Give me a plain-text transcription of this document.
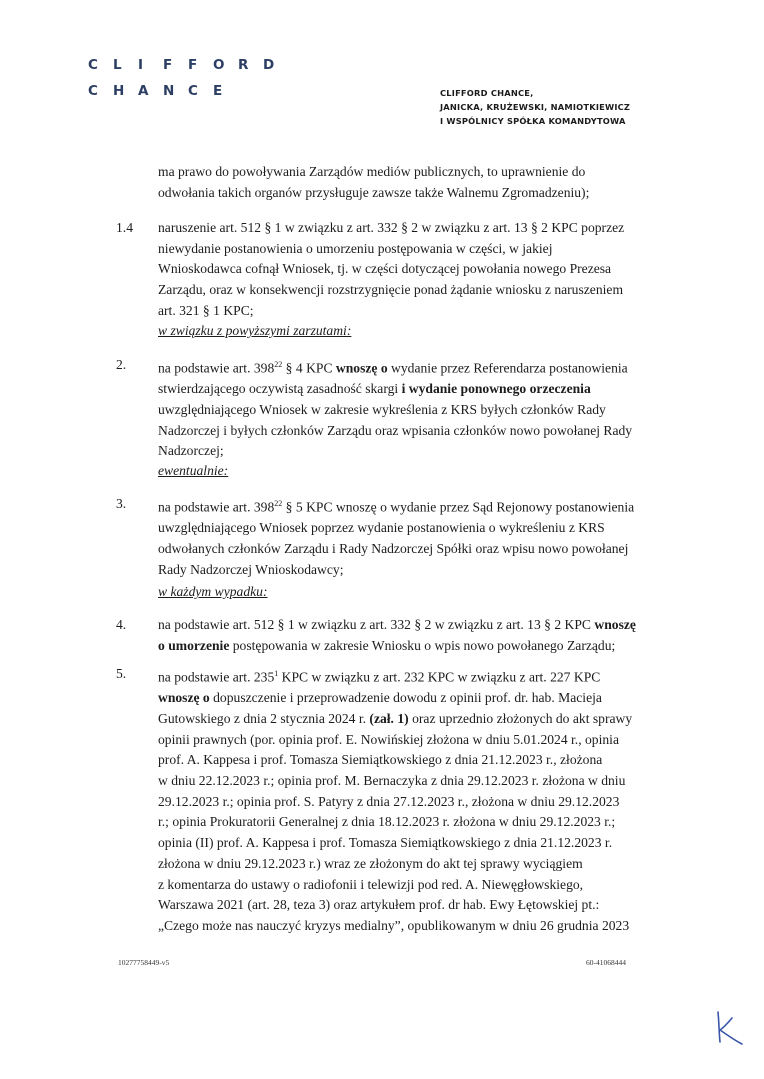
C L I F F O R D
C H A N C E	CLIFFORD CHANCE,
JANICKA, KRUŻEWSKI, NAMIOTKIEWICZ
I WSPÓLNICY SPÓŁKA KOMANDYTOWA
ma prawo do powoływania Zarządów mediów publicznych, to uprawnienie do
odwołania takich organów przysługuje zawsze także Walnemu Zgromadzeniu);
1.4 naruszenie art. 512 § 1 w związku z art. 332 § 2 w związku z art. 13 § 2 KPC poprzez
niewydanie postanowienia o umorzeniu postępowania w części, w jakiej
Wnioskodawca cofnął Wniosek, tj. w części dotyczącej powołania nowego Prezesa
Zarządu, oraz w konsekwencji rozstrzygnięcie ponad żądanie wniosku z naruszeniem
art. 321 § 1 KPC;
w związku z powyższymi zarzutami:
2. na podstawie art. $398^{22}$ § 4 KPC wnoszę o wydanie przez Referendarza postanowienia
stwierdzającego oczywistą zasadność skargi i wydanie ponownego orzeczenia
uwzględniającego Wniosek w zakresie wykreślenia z KRS byłych członków Rady
Nadzorczej i byłych członków Zarządu oraz wpisania członków nowo powołanej Rady
Nadzorczej;
ewentualnie:
3. na podstawie art. $398^{22}$ § 5 KPC wnoszę o wydanie przez Sąd Rejonowy postanowienia
uwzględniającego Wniosek poprzez wydanie postanowienia o wykreśleniu z KRS
odwołanych członków Zarządu i Rady Nadzorczej Spółki oraz wpisu nowo powołanej
Rady Nadzorczej Wnioskodawcy;
w każdym wypadku:
4. na podstawie art. 512 § 1 w związku z art. 332 § 2 w związku z art. 13 § 2 KPC wnoszę
o umorzenie postępowania w zakresie Wniosku o wpis nowo powołanego Zarządu;
5. na podstawie art. $235^1$ KPC w związku z art. 232 KPC w związku z art. 227 KPC
wnoszę o dopuszczenie i przeprowadzenie dowodu z opinii prof. dr. hab. Macieja
Gutowskiego z dnia 2 stycznia 2024 r. (zał. 1) oraz uprzednio złożonych do akt sprawy
opinii prawnych (por. opinia prof. E. Nowińskiej złożona w dniu 5.01.2024 r., opinia
prof. A. Kappesa i prof. Tomasza Siemiątkowskiego z dnia 21.12.2023 r., złożona
w dniu 22.12.2023 r.; opinia prof. M. Bernaczyka z dnia 29.12.2023 r. złożona w dniu
29.12.2023 r.; opinia prof. S. Patyry z dnia 27.12.2023 r., złożona w dniu 29.12.2023
r.; opinia Prokuratorii Generalnej z dnia 18.12.2023 r. złożona w dniu 29.12.2023 r.;
opinia (II) prof. A. Kappesa i prof. Tomasza Siemiątkowskiego z dnia 21.12.2023 r.
złożona w dniu 29.12.2023 r.) wraz ze złożonym do akt tej sprawy wyciągiem
z komentarza do ustawy o radiofonii i telewizji pod red. A. Niewęgłowskiego,
Warszawa 2021 (art. 28, teza 3) oraz artykułem prof. dr hab. Ewy Łętowskiej pt.:
„Czego może nas nauczyć kryzys medialny”, opublikowanym w dniu 26 grudnia 2023
10277758449-v5	60-41068444
